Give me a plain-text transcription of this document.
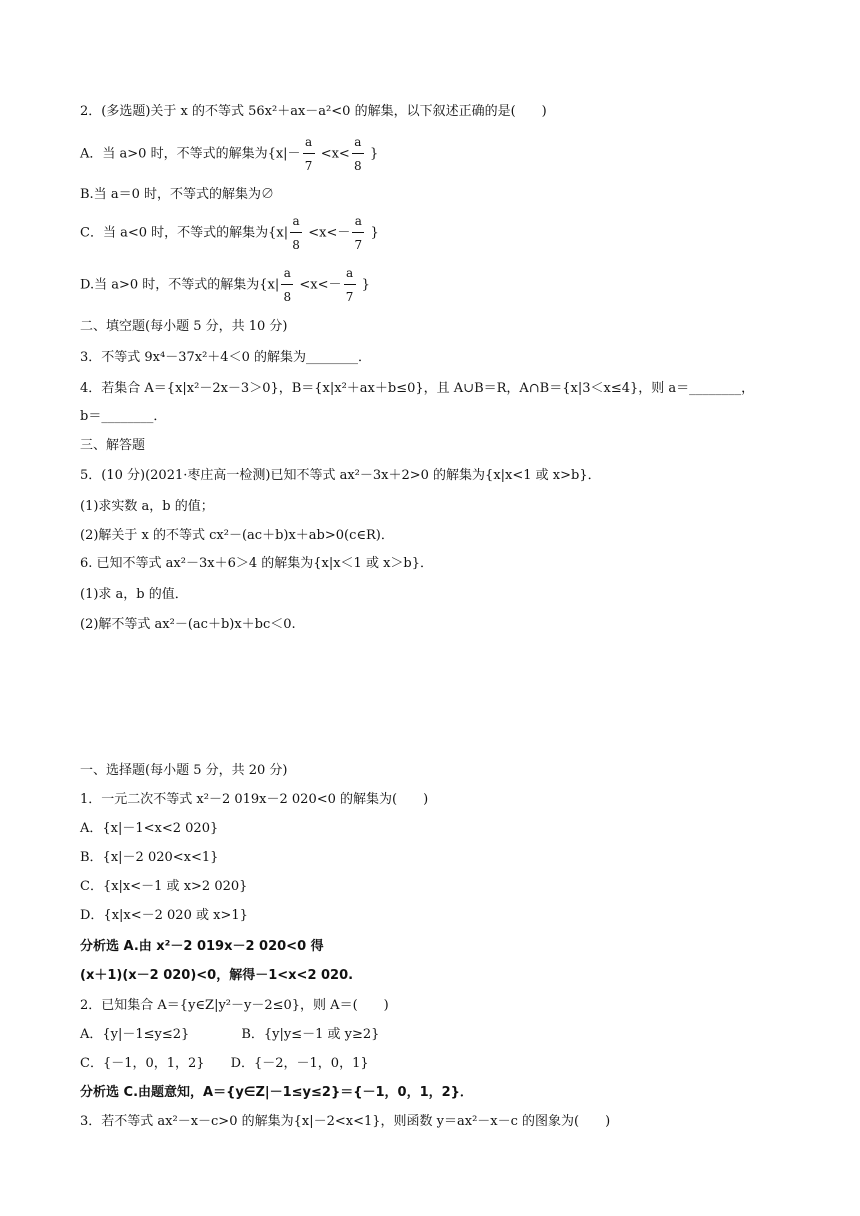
2．(多选题)关于 x 的不等式 56x²＋ax－a²<0 的解集，以下叙述正确的是(　　)
A．当 a>0 时，不等式的解集为{$x|- \frac{a}{7} <x< \frac{a}{8}$ }
B.当 a＝0 时，不等式的解集为∅
C．当 a<0 时，不等式的解集为{$x| \frac{a}{8} <x<- \frac{a}{7}$ }
D.当 a>0 时，不等式的解集为{$x| \frac{a}{8} <x<- \frac{a}{7}$ }
二、填空题(每小题 5 分，共 10 分)
3．不等式 9x⁴－37x²＋4＜0 的解集为________．
4．若集合 A＝{x|x²－2x－3＞0}，B＝{x|x²＋ax＋b≤0}，且 A∪B＝R，A∩B＝{x|3＜x≤4}，则 a＝________，
b＝________．
三、解答题
5．(10 分)(2021·枣庄高一检测)已知不等式 ax²－3x＋2>0 的解集为{x|x<1 或 x>b}．
(1)求实数 a，b 的值；
(2)解关于 x 的不等式 cx²－(ac＋b)x＋ab>0(c∈R)．
6. 已知不等式 ax²－3x＋6＞4 的解集为{x|x＜1 或 x＞b}．
(1)求 a，b 的值．
(2)解不等式 ax²－(ac＋b)x＋bc＜0.
一、选择题(每小题 5 分，共 20 分)
1．一元二次不等式 x²－2 019x－2 020<0 的解集为(　　)
A．{x|－1<x<2 020}
B．{x|－2 020<x<1}
C．{x|x<－1 或 x>2 020}
D．{x|x<－2 020 或 x>1}
分析选 A.由 x²－2 019x－2 020<0 得
(x＋1)(x－2 020)<0，解得－1<x<2 020.
2．已知集合 A＝{y∈Z|y²－y－2≤0}，则 A＝(　　)
A．{y|－1≤y≤2}　　　　B．{y|y≤－1 或 y≥2}
C．{－1，0，1，2}　　D．{－2，－1，0，1}
分析选 C.由题意知，A＝{y∈Z|－1≤y≤2}＝{－1，0，1，2}．
3．若不等式 ax²－x－c>0 的解集为{x|－2<x<1}，则函数 y＝ax²－x－c 的图象为(　　)
